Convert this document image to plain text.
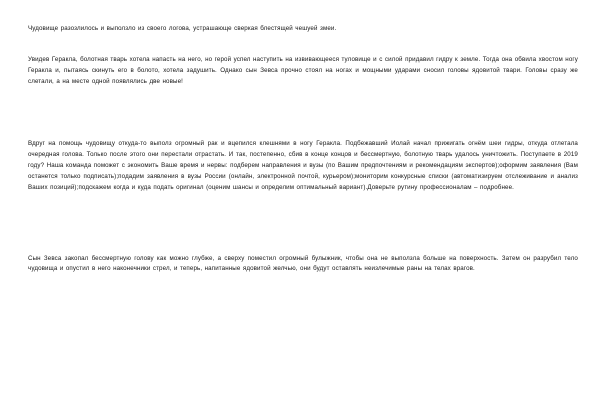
Чудовище разозлилось и выползло из своего логова, устрашающе сверкая блестящей чешуей змеи.

Увидев Геракла, болотная тварь хотела напасть на него, но герой успел наступить на извивающееся туловище и с силой придавил гидру к земле. Тогда она обвила хвостом ногу Геракла и, пытаясь скинуть его в болото, хотела задушить. Однако сын Зевса прочно стоял на ногах и мощными ударами сносил головы ядовитой твари. Головы сразу же слетали, а на месте одной появлялись две новые!

Вдруг на помощь чудовищу откуда-то выполз огромный рак и вцепился клешнями в ногу Геракла. Подбежавший Иолай начал прижигать огнём шеи гидры, откуда отлетала очередная голова. Только после этого они перестали отрастать. И так, постепенно, сбив в конце концов и бессмертную, болотную тварь удалось уничтожить. Поступаете в 2019 году? Наша команда поможет с экономить Ваше время и нервы: подберем направления и вузы (по Вашим предпочтениям и рекомендациям экспертов);оформим заявления (Вам останется только подписать);подадим заявления в вузы России (онлайн, электронной почтой, курьером);мониторим конкурсные списки (автоматизируем отслеживание и анализ Ваших позиций);подскажем когда и куда подать оригинал (оценим шансы и определим оптимальный вариант).Доверьте рутину профессионалам – подробнее.

Сын Зевса закопал бессмертную голову как можно глубже, а сверху поместил огромный булыжник, чтобы она не выползла больше на поверхность. Затем он разрубил тело чудовища и опустил в него наконечники стрел, и теперь, напитанные ядовитой желчью, они будут оставлять неизлечимые раны на телах врагов.
